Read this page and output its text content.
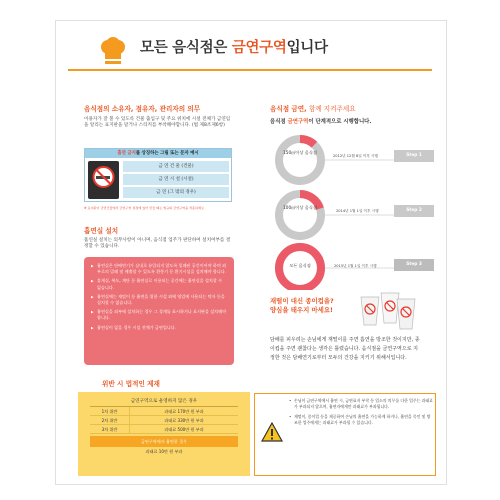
모든 음식점은 금연구역입니다
음식점의 소유자, 점유자, 관리자의 의무
이용자가 잘 볼 수 있도록 건물 출입구 및 주요 위치에 시설 전체가 금연임을 알리는 표지판을 달거나 스티커를 부착해야합니다. (법 제8조제6항)
흡연 금지를 상징하는 그림 또는 문자 예시
금 연 건 물 (건물)
금 연 시 설 (시설)
금 연 (그 밖의 경우)
※ 표지판이 금연건물에서 금연구역 설정에 있어 만들 때는 법규의 금연구역을 적용하세요
흡연실 설치
흡연실 설치는 의무사항이 아니며, 음식점 업주가 판단하여 설치여부를 결정할 수 있습니다.
▶ 흡연실은 단배연기가 실내로 유입되지 않도록 밀폐된 공간이어야 하며 외부로의 밀폐 및 배출할 수 있도록 환풍기 등 환기시설을 설치해야 합니다.
▶ 휴게실, 복도, 계단 등 흡연실로 이용되는 공간에는 흡연실을 설치할 수 없습니다.
▶ 흡연실에는 재떨이 등 흡연을 위한 시설 외에 영업에 사용되는 탁자 등을 설치할 수 없습니다.
▶ 흡연실을 외부에 설치하는 경우 그 경계를 표시하거나 표지판을 설치해야 합니다.
▶ 흡연실이 없을 경우 시설 전체가 금연입니다.
위반 시 법적인 제재
금연구역으로 운영하지 않은 경우
1차 위반	과태료 170만 원 부과
2차 위반	과태료 330만 원 부과
3차 위반	과태료 500만 원 부과
금연구역에서 흡연한 경우
과태료 10만 원 부과
음식점 금연, 함께 지켜주세요
음식점 금연구역이 단계적으로 시행합니다.
150㎡이상 음식점
2012년 12월 8일 이후 시행	Step 1
100㎡이상 음식점
2014년 1월 1일 이후 시행	Step 2
모든 음식점	2015년 1월 1일 이후 시행	Step 3
재떨이 대신 종이컵을?
양심을 태우지 마세요!
담배를 피우려는 손님에게 재떨이를 주면 흡연을 방조한 것이지만, 종이컵을 주면 괜찮다는 생각은 틀렸습니다. 음식점을 금연구역으로 지정한 것은 담배연기로부터 모두의 건강을 지키기 위해서입니다.
• 손님이 금연구역에서 흡연 시, 금연표지 부착 등 업소의 의무를 다한 업주는 과태료가 부과되지 않으며, 흡연자에게만 과태료가 부과됩니다.
• 재떨이, 종이컵 등을 제공하여 손님의 흡연을 가능하게 하거나, 흡연을 묵인 및 방조한 업주에게는 과태료가 부과될 수 있습니다.
